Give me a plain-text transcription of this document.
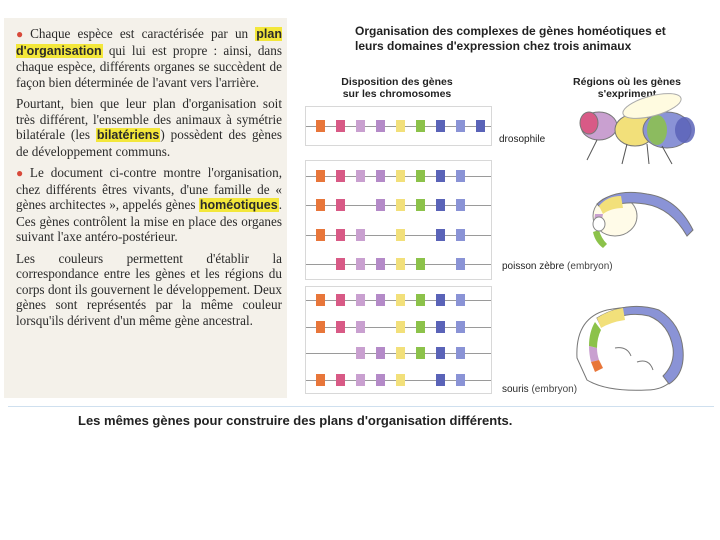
● Chaque espèce est caractérisée par un plan d'organisation qui lui est propre : ainsi, dans chaque espèce, différents organes se succèdent de façon bien déterminée de l'avant vers l'arrière.
Pourtant, bien que leur plan d'organisation soit très différent, l'ensemble des animaux à symétrie bilatérale (les bilatériens) possèdent des gènes de développement communs.
● Le document ci-contre montre l'organisation, chez différents êtres vivants, d'une famille de « gènes architectes », appelés gènes homéotiques. Ces gènes contrôlent la mise en place des organes suivant l'axe antéro-postérieur.
Les couleurs permettent d'établir la correspondance entre les gènes et les régions du corps dont ils gouvernent le développement. Deux gènes sont représentés par la même couleur lorsqu'ils dérivent d'un même gène ancestral.
Organisation des complexes de gènes homéotiques et leurs domaines d'expression chez trois animaux
Disposition des gènes sur les chromosomes
Régions où les gènes s'expriment
drosophile
poisson zèbre (embryon)
souris (embryon)
Les mêmes gènes pour construire des plans d'organisation différents.
